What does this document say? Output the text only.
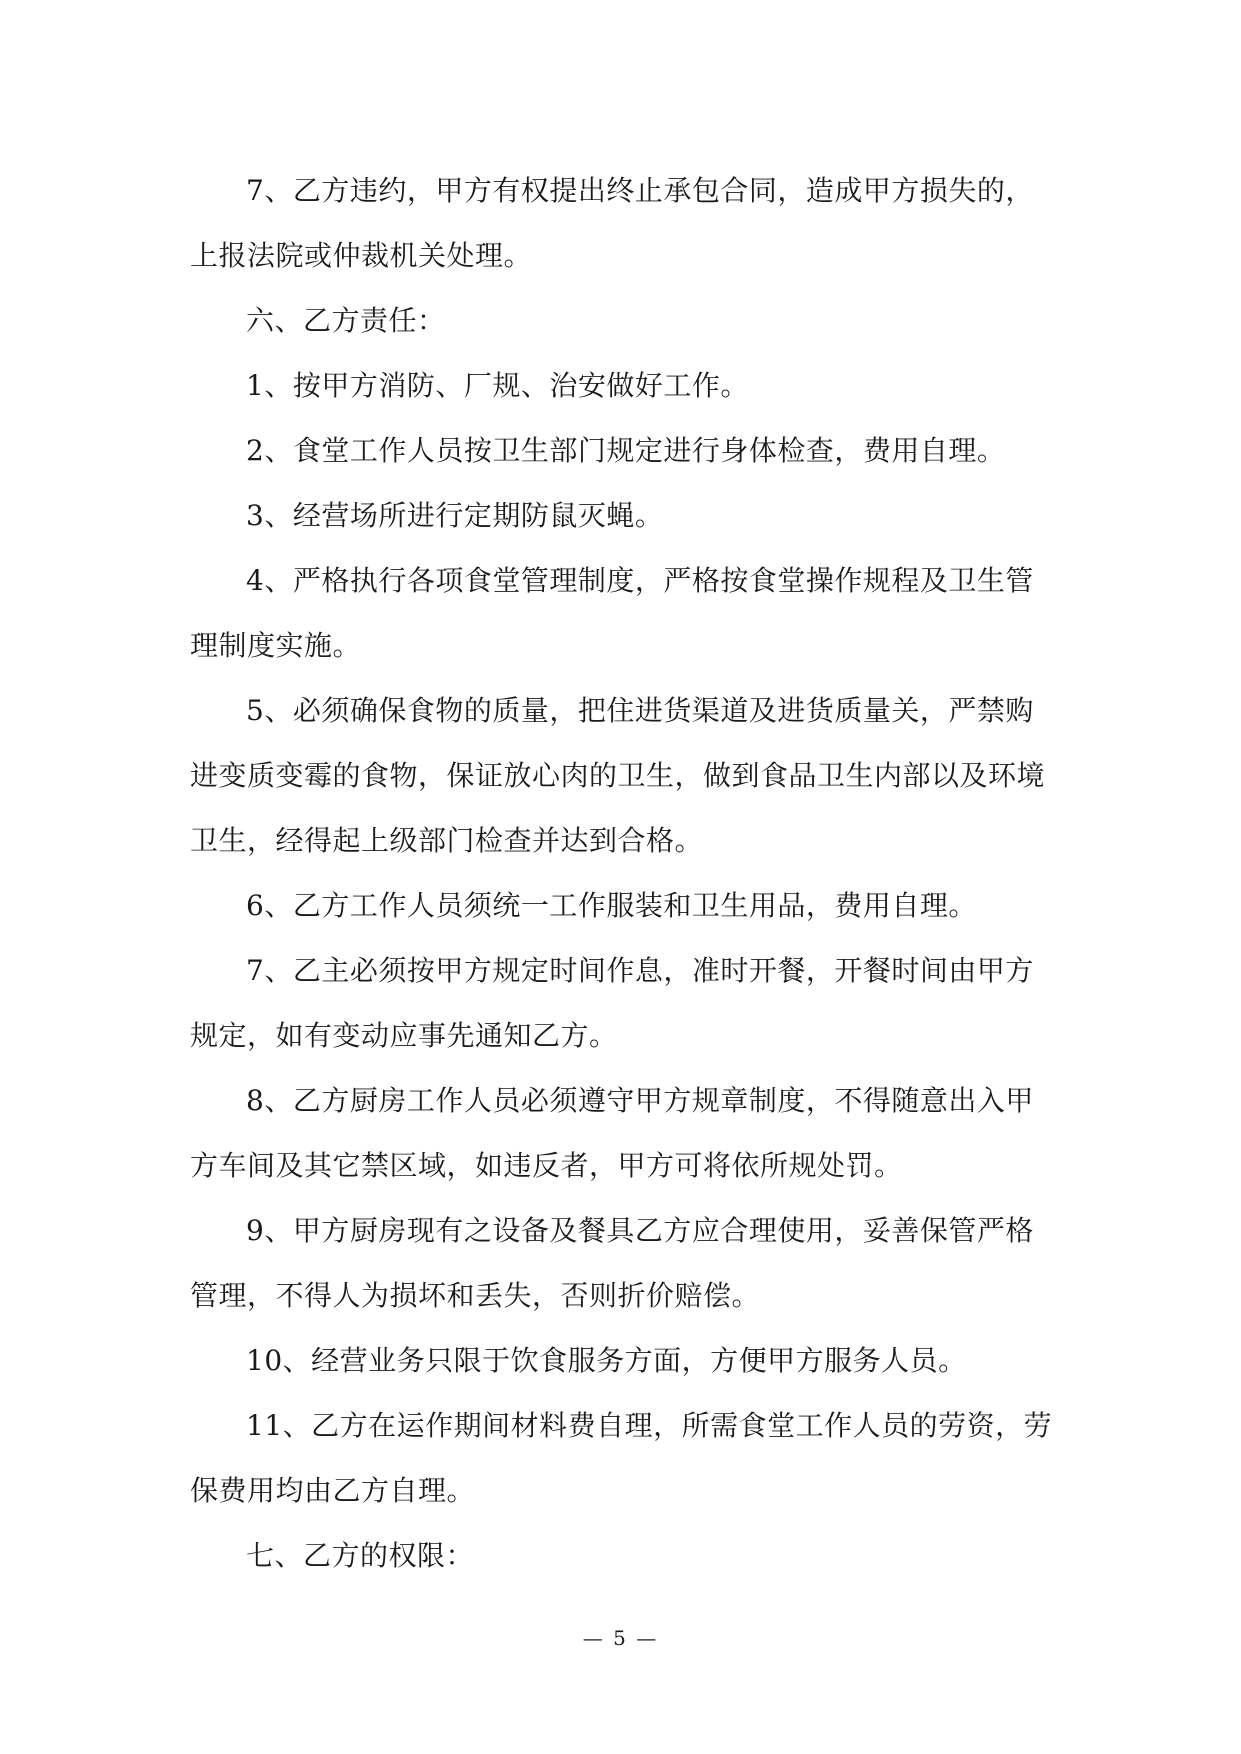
7、乙方违约，甲方有权提出终止承包合同，造成甲方损失的，上报法院或仲裁机关处理。

六、乙方责任：

1、按甲方消防、厂规、治安做好工作。

2、食堂工作人员按卫生部门规定进行身体检查，费用自理。

3、经营场所进行定期防鼠灭蝇。

4、严格执行各项食堂管理制度，严格按食堂操作规程及卫生管理制度实施。

5、必须确保食物的质量，把住进货渠道及进货质量关，严禁购进变质变霉的食物，保证放心肉的卫生，做到食品卫生内部以及环境卫生，经得起上级部门检查并达到合格。

6、乙方工作人员须统一工作服装和卫生用品，费用自理。

7、乙主必须按甲方规定时间作息，准时开餐，开餐时间由甲方规定，如有变动应事先通知乙方。

8、乙方厨房工作人员必须遵守甲方规章制度，不得随意出入甲方车间及其它禁区域，如违反者，甲方可将依所规处罚。

9、甲方厨房现有之设备及餐具乙方应合理使用，妥善保管严格管理，不得人为损坏和丢失，否则折价赔偿。

10、经营业务只限于饮食服务方面，方便甲方服务人员。

11、乙方在运作期间材料费自理，所需食堂工作人员的劳资，劳保费用均由乙方自理。

七、乙方的权限：

— 5 —
